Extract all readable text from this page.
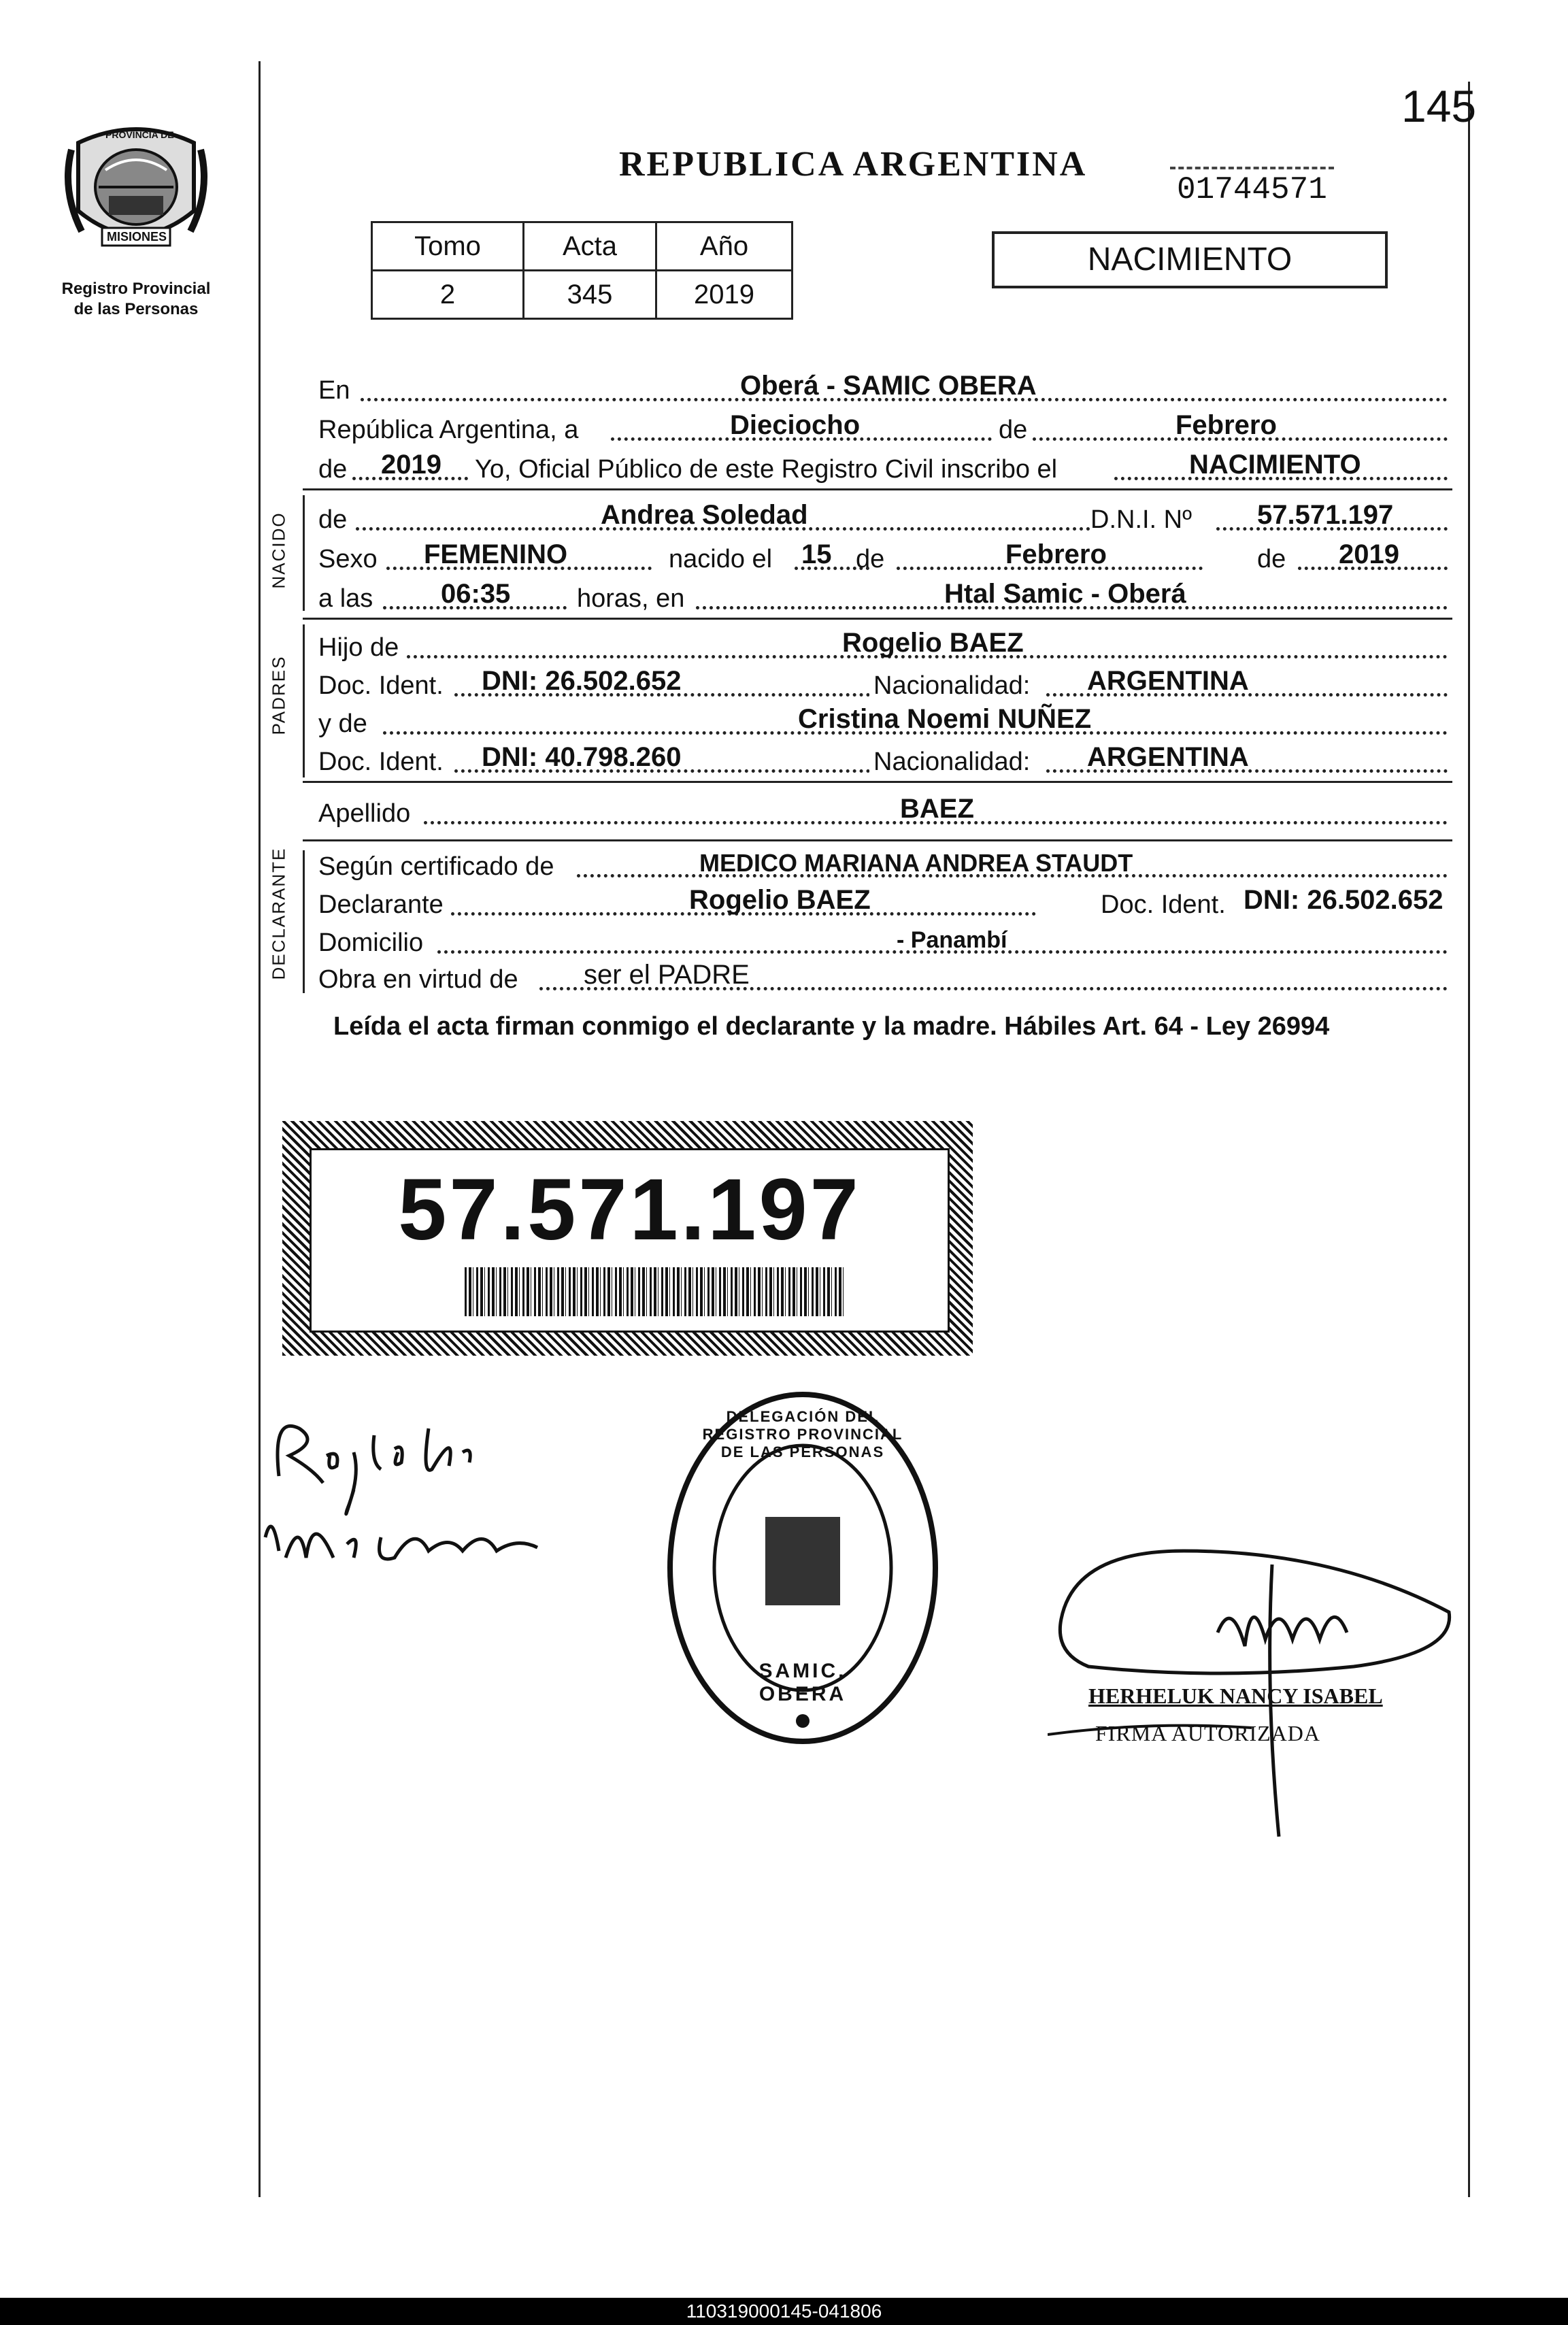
145
PROVINCIA DE
MISIONES
Registro Provincial
de las Personas
REPUBLICA ARGENTINA
01744571
Tomo	Acta	Año
2	345	2019
NACIMIENTO
En	Oberá - SAMIC OBERA
República Argentina, a	Dieciocho	de	Febrero
de 2019 Yo, Oficial Público de este Registro Civil inscribo el	NACIMIENTO
NACIDO de	Andrea Soledad	D.N.I. Nº 57.571.197
Sexo FEMENINO	nacido el 15 de	Febrero	de 2019
a las 06:35	horas, en	Htal Samic - Oberá
PADRES
Hijo de	Rogelio BAEZ
Doc. Ident. DNI: 26.502.652	Nacionalidad: ARGENTINA
y de	Cristina Noemi NUÑEZ
Doc. Ident. DNI: 40.798.260	Nacionalidad: ARGENTINA
Apellido	BAEZ
DECLARANTE Según certificado de	MEDICO MARIANA ANDREA STAUDT
Declarante	Rogelio BAEZ	Doc. Ident. DNI: 26.502.652
Domicilio	- Panambí
Obra en virtud de ser el PADRE
Leída el acta firman conmigo el declarante y la madre. Hábiles Art. 64 - Ley 26994
57.571.197
DELEGACIÓN DEL REGISTRO PROVINCIAL DE LAS PERSONAS
SAMIC. OBERA	HERHELUK NANCY ISABEL
FIRMA AUTORIZADA
110319000145-041806
